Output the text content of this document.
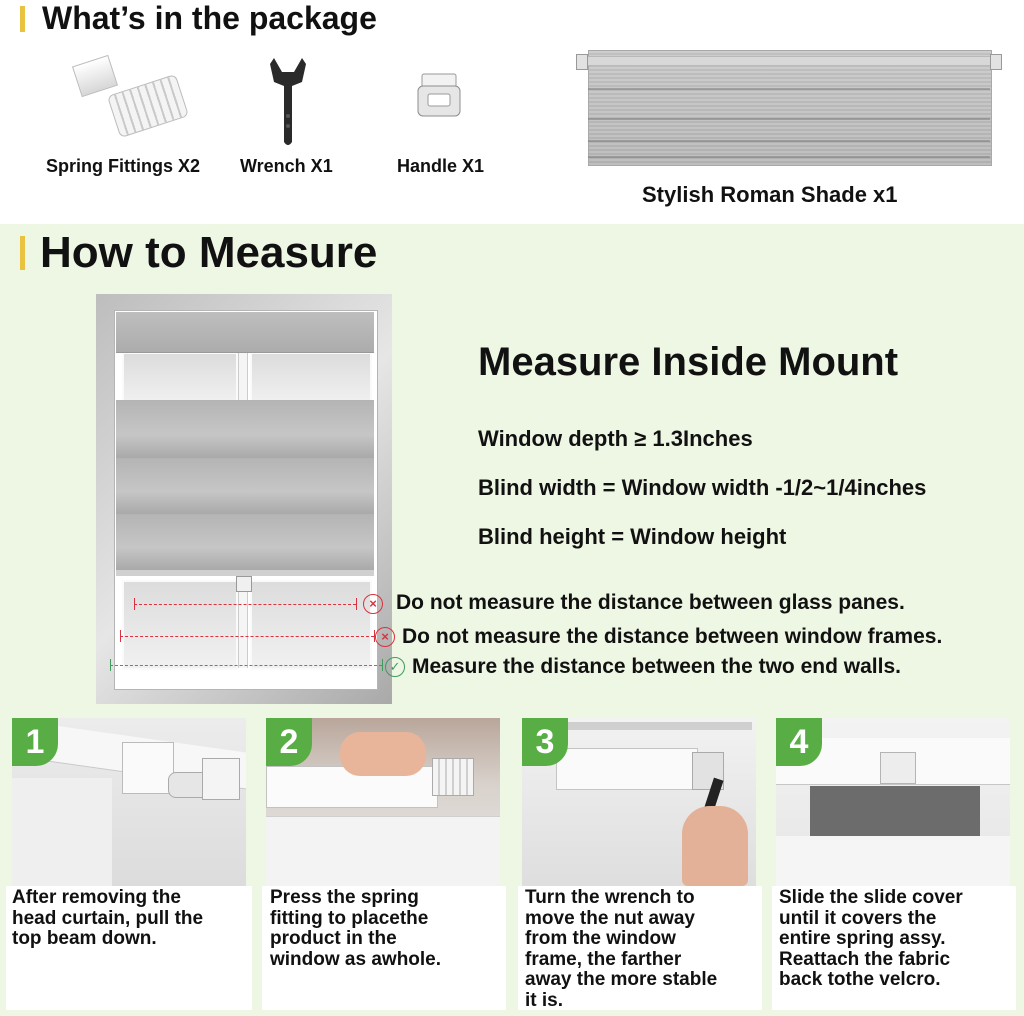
What’s in the package
Spring Fittings X2 Wrench X1	Handle X1
Stylish Roman Shade x1
How to Measure
Measure Inside Mount
Window depth ≥ 1.3Inches
Blind width = Window width -1/2~1/4inches
Blind height = Window height
× Do not measure the distance between glass panes.
× Do not measure the distance between window frames.
✓ Measure the distance between the two end walls.
1
After removing the
head curtain, pull the
top beam down.
2
Press the spring
fitting to placethe
product in the
window as awhole.
3
Turn the wrench to
move the nut away
from the window
frame, the farther
away the more stable
it is.
4
Slide the slide cover
until it covers the
entire spring assy.
Reattach the fabric
back tothe velcro.
